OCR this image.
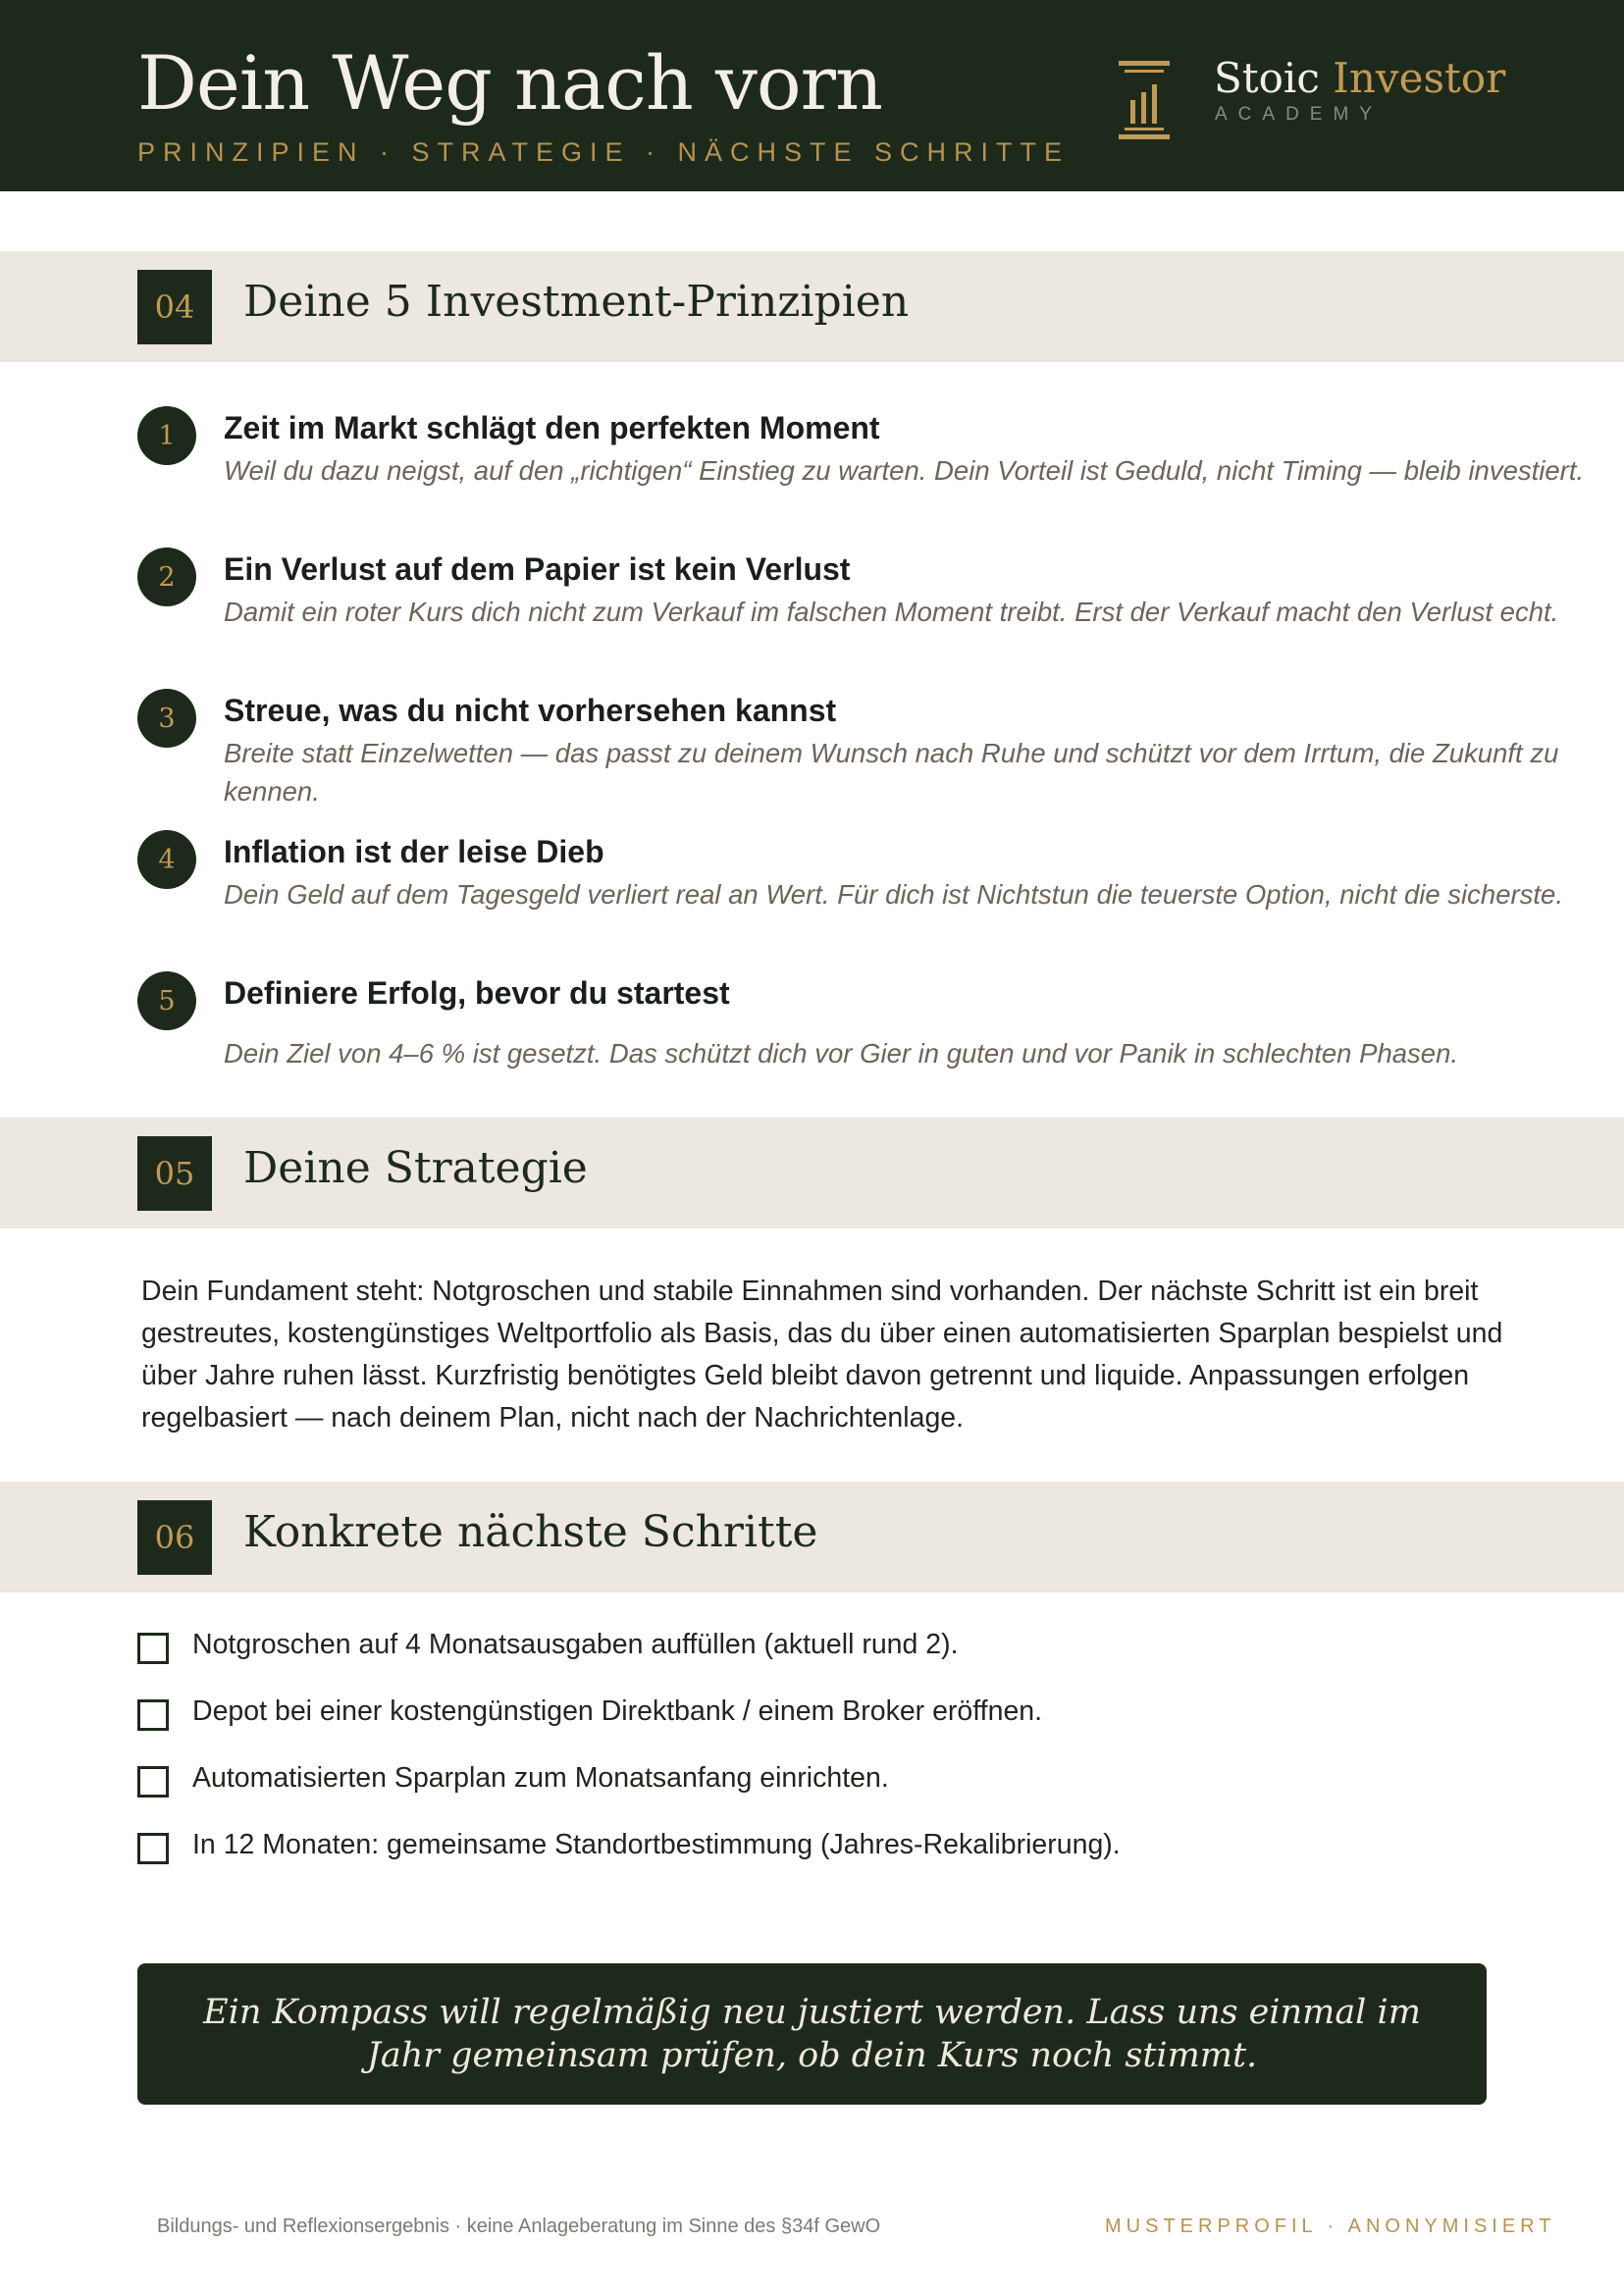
Dein Weg nach vorn
PRINZIPIEN · STRATEGIE · NÄCHSTE SCHRITTE
Stoic Investor
ACADEMY
04	Deine 5 Investment-Prinzipien
1	Zeit im Markt schlägt den perfekten Moment
Weil du dazu neigst, auf den „richtigen“ Einstieg zu warten. Dein Vorteil ist Geduld, nicht Timing — bleib investiert.
2	Ein Verlust auf dem Papier ist kein Verlust
Damit ein roter Kurs dich nicht zum Verkauf im falschen Moment treibt. Erst der Verkauf macht den Verlust echt.
3	Streue, was du nicht vorhersehen kannst
Breite statt Einzelwetten — das passt zu deinem Wunsch nach Ruhe und schützt vor dem Irrtum, die Zukunft zu kennen.
4	Inflation ist der leise Dieb
Dein Geld auf dem Tagesgeld verliert real an Wert. Für dich ist Nichtstun die teuerste Option, nicht die sicherste.
5	Definiere Erfolg, bevor du startest
Dein Ziel von 4–6 % ist gesetzt. Das schützt dich vor Gier in guten und vor Panik in schlechten Phasen.
05	Deine Strategie
Dein Fundament steht: Notgroschen und stabile Einnahmen sind vorhanden. Der nächste Schritt ist ein breit gestreutes, kostengünstiges Weltportfolio als Basis, das du über einen automatisierten Sparplan bespielst und über Jahre ruhen lässt. Kurzfristig benötigtes Geld bleibt davon getrennt und liquide. Anpassungen erfolgen regelbasiert — nach deinem Plan, nicht nach der Nachrichtenlage.
06	Konkrete nächste Schritte
Notgroschen auf 4 Monatsausgaben auffüllen (aktuell rund 2).
Depot bei einer kostengünstigen Direktbank / einem Broker eröffnen.
Automatisierten Sparplan zum Monatsanfang einrichten.
In 12 Monaten: gemeinsame Standortbestimmung (Jahres-Rekalibrierung).
Ein Kompass will regelmäßig neu justiert werden. Lass uns einmal im Jahr gemeinsam prüfen, ob dein Kurs noch stimmt.
Bildungs- und Reflexionsergebnis · keine Anlageberatung im Sinne des §34f GewO	MUSTERPROFIL · ANONYMISIERT
